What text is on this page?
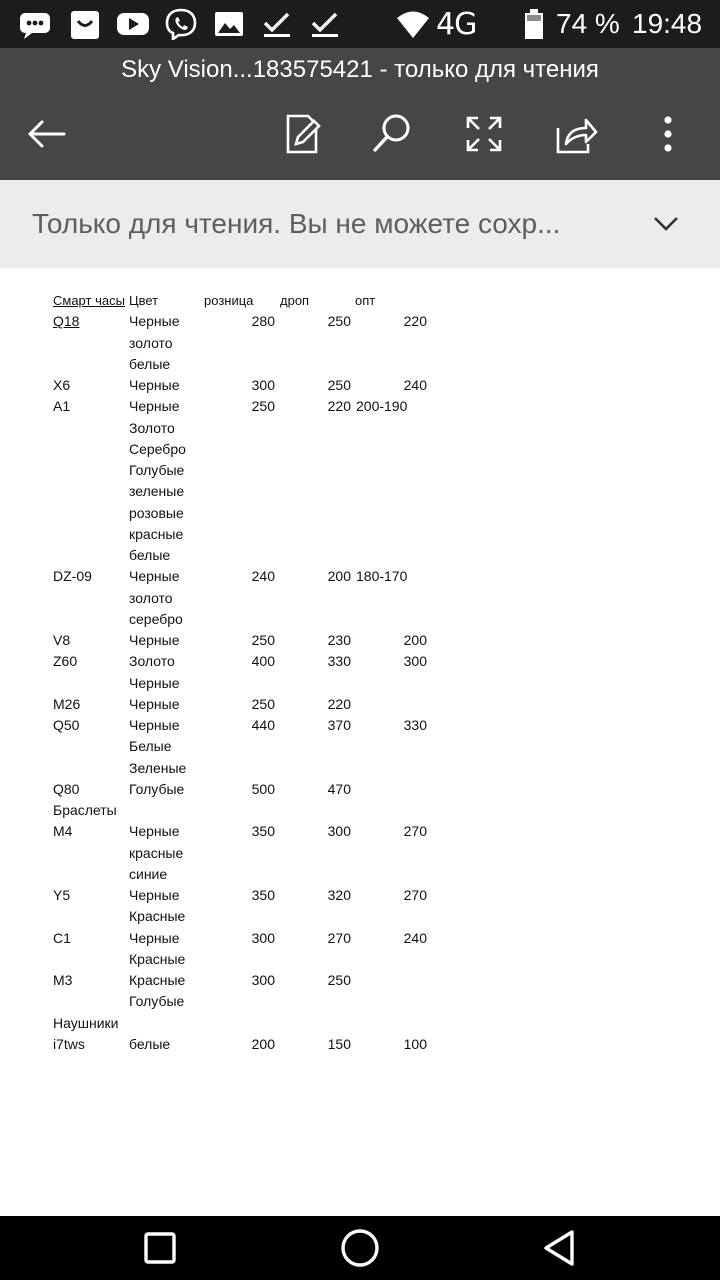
4G	74 % 19:48
Sky Vision...183575421 - только для чтения
Только для чтения. Вы не можете сохр...
Смарт часы Цвет	розница	дроп	опт
Q18	Черные	280	250	220
золото
белые
X6	Черные	300	250	240
A1	Черные	250	220 200-190
Золото
Серебро
Голубые
зеленые
розовые
красные
белые
DZ-09	Черные	240	200 180-170
золото
серебро
V8	Черные	250	230	200
Z60	Золото	400	330	300
Черные
M26	Черные	250	220
Q50	Черные	440	370	330
Белые
Зеленые
Q80	Голубые	500	470
Браслеты
M4	Черные	350	300	270
красные
синие
Y5	Черные	350	320	270
Красные
C1	Черные	300	270	240
Красные
M3	Красные	300	250
Голубые
Наушники
i7tws	белые	200	150	100
